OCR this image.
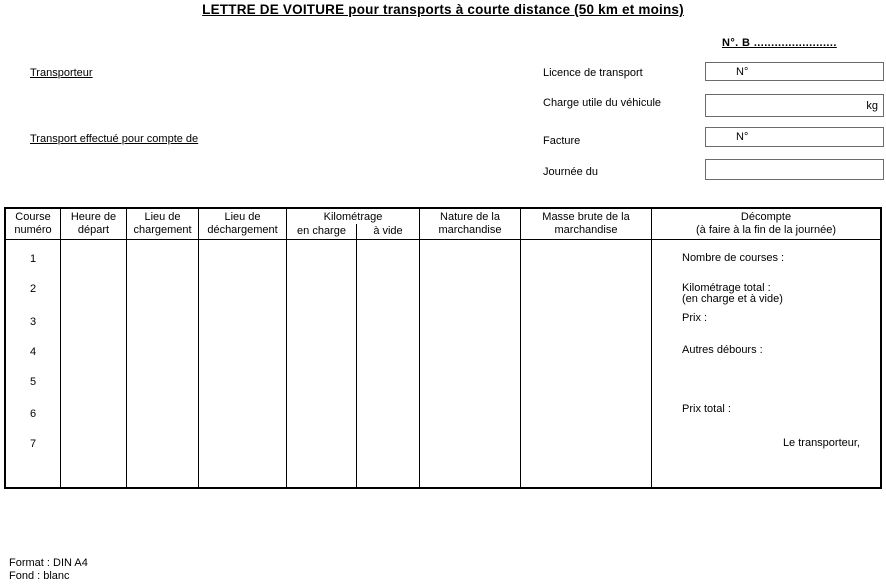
LETTRE DE VOITURE pour transports à courte distance (50 km et moins)
N°. B ........................
Transporteur
Transport effectué pour compte de
Licence de transport
Charge utile du véhicule
Facture
Journée du
N°
kg
N°
Course
numéro
Heure de
départ
Lieu de
chargement
Lieu de
déchargement
Kilométrage
en charge	à vide
Nature de la
marchandise
Masse brute de la
marchandise
Décompte
(à faire à la fin de la journée)
1
2
3
4
5
6
7
Nombre de courses :
Kilométrage total :
(en charge et à vide)
Prix :
Autres débours :
Prix total :
Le transporteur,
Format : DIN A4
Fond : blanc
